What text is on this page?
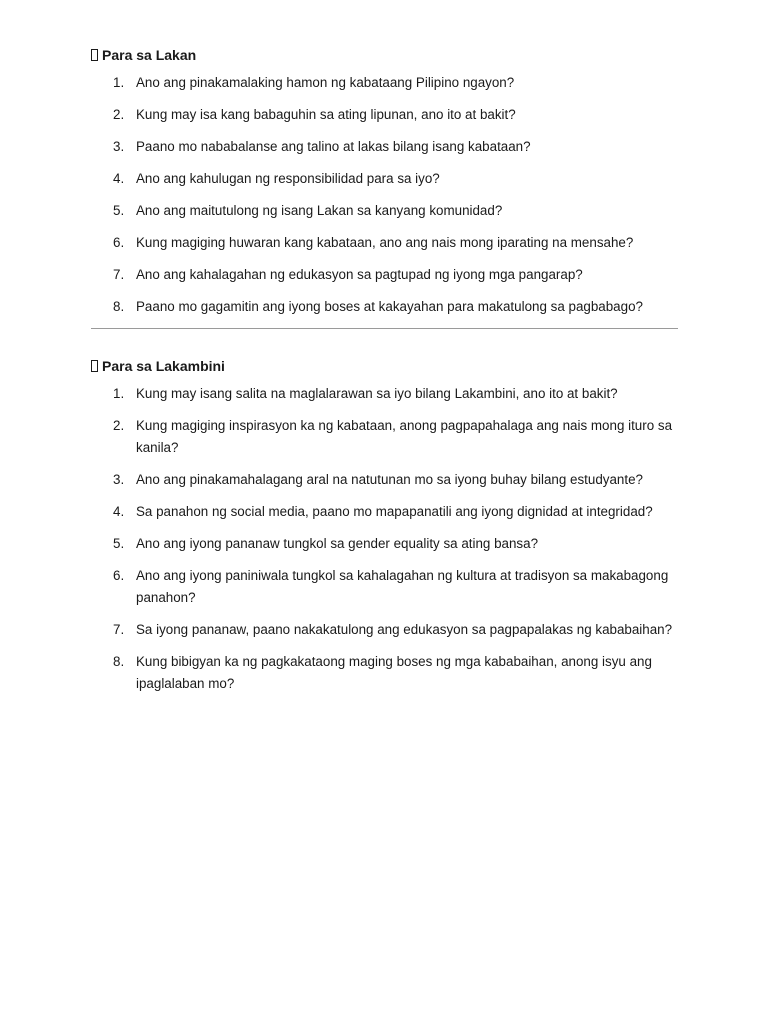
Para sa Lakan
1. Ano ang pinakamalaking hamon ng kabataang Pilipino ngayon?
2. Kung may isa kang babaguhin sa ating lipunan, ano ito at bakit?
3. Paano mo nababalanse ang talino at lakas bilang isang kabataan?
4. Ano ang kahulugan ng responsibilidad para sa iyo?
5. Ano ang maitutulong ng isang Lakan sa kanyang komunidad?
6. Kung magiging huwaran kang kabataan, ano ang nais mong iparating na mensahe?
7. Ano ang kahalagahan ng edukasyon sa pagtupad ng iyong mga pangarap?
8. Paano mo gagamitin ang iyong boses at kakayahan para makatulong sa pagbabago?
Para sa Lakambini
1. Kung may isang salita na maglalarawan sa iyo bilang Lakambini, ano ito at bakit?
2. Kung magiging inspirasyon ka ng kabataan, anong pagpapahalaga ang nais mong ituro sa kanila?
3. Ano ang pinakamahalagang aral na natutunan mo sa iyong buhay bilang estudyante?
4. Sa panahon ng social media, paano mo mapapanatili ang iyong dignidad at integridad?
5. Ano ang iyong pananaw tungkol sa gender equality sa ating bansa?
6. Ano ang iyong paniniwala tungkol sa kahalagahan ng kultura at tradisyon sa makabagong panahon?
7. Sa iyong pananaw, paano nakakatulong ang edukasyon sa pagpapalakas ng kababaihan?
8. Kung bibigyan ka ng pagkakataong maging boses ng mga kababaihan, anong isyu ang ipaglalaban mo?
